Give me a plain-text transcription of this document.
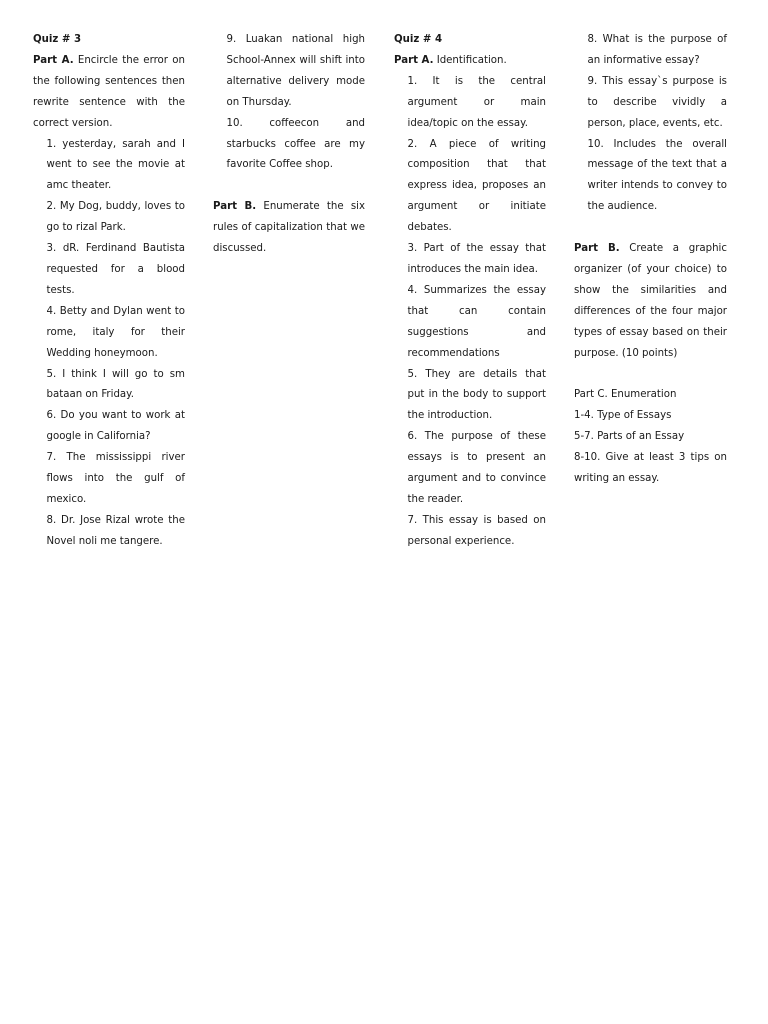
Quiz # 3
Part A. Encircle the error on the following sentences then rewrite sentence with the correct version.
1. yesterday, sarah and I went to see the movie at amc theater.
2. My Dog, buddy, loves to go to rizal Park.
3. dR. Ferdinand Bautista requested for a blood tests.
4. Betty and Dylan went to rome, italy for their Wedding honeymoon.
5. I think I will go to sm bataan on Friday.
6. Do you want to work at google in California?
7. The mississippi river flows into the gulf of mexico.
8. Dr. Jose Rizal wrote the Novel noli me tangere.
9. Luakan national high School-Annex will shift into alternative delivery mode on Thursday.
10. coffeecon and starbucks coffee are my favorite Coffee shop.
Part B. Enumerate the six rules of capitalization that we discussed.
Quiz # 4
Part A. Identification.
1. It is the central argument or main idea/topic on the essay.
2. A piece of writing composition that that express idea, proposes an argument or initiate debates.
3. Part of the essay that introduces the main idea.
4. Summarizes the essay that can contain suggestions and recommendations
5. They are details that put in the body to support the introduction.
6. The purpose of these essays is to present an argument and to convince the reader.
7. This essay is based on personal experience.
8. What is the purpose of an informative essay?
9. This essay`s purpose is to describe vividly a person, place, events, etc.
10. Includes the overall message of the text that a writer intends to convey to the audience.
Part B. Create a graphic organizer (of your choice) to show the similarities and differences of the four major types of essay based on their purpose. (10 points)
Part C. Enumeration
1-4. Type of Essays
5-7. Parts of an Essay
8-10. Give at least 3 tips on writing an essay.
